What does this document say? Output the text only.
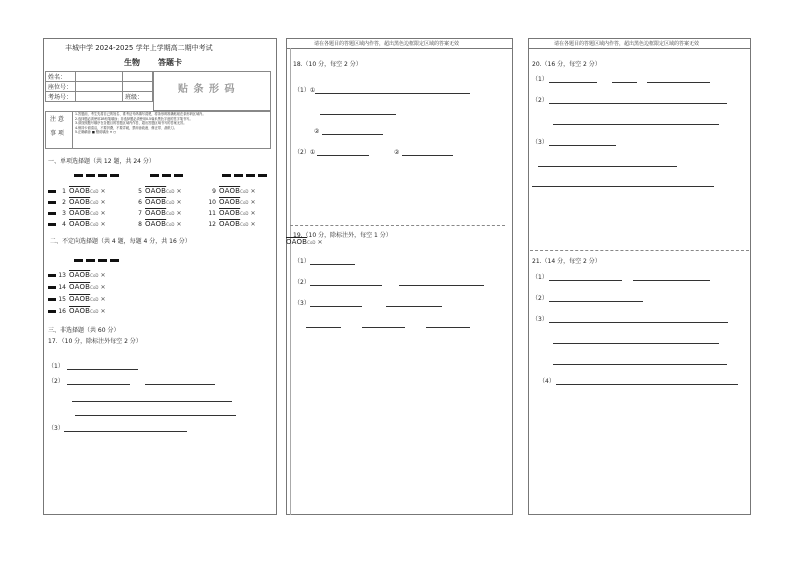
丰城中学 2024-2025 学年上学期高二期中考试
生物 答题卡
姓名：		
座位号：		
考场号：		班级：
贴 条 形 码
注 意
事 项
1.答题前，考生先将自己的姓名、准考证号码填写清楚，将条形码准确粘贴在条形码区域内。
2.选择题必须使用2B铅笔填涂；非选择题必须使用0.5毫米黑色字迹的签字笔书写。
3.请按照题号顺序在各题目的答题区域内作答，超出答题区域书写的答案无效。
4.保持卡面清洁，不要折叠，不要弄破，禁用涂改液、修正带、刮纸刀。
5.正确填涂 ■ 错误填涂 ✕ ○
一、单项选择题（共 12 题，共 24 分）
1 OAOBCoD ✕
2 OAOBCoD ✕
3 OAOBCoD ✕
4 OAOBCoD ✕
5 OAOBCoD ✕
6 OAOBCoD ✕
7 OAOBCoD ✕
8 OAOBCoD ✕
9 OAOBCoD ✕
10 OAOBCoD ✕
11 OAOBCoD ✕
12 OAOBCoD ✕
二、不定向选择题（共 4 题，每题 4 分，共 16 分）
13 OAOBCoD ✕
14 OAOBCoD ✕
15 OAOBCoD ✕
16 OAOBCoD ✕
三、非选择题（共 60 分）
17．（10 分，除标注外每空 2 分）
（1）
（2）
（3）
请在各题目的答题区域内作答，超出黑色边框限定区域的答案无效
18.（10 分，每空 2 分）
（1）①
②
（2）①	②
19.（10 分，除标注外，每空 1 分）
OAOBCoD ✕
（1）
（2）
（3）
请在各题目的答题区域内作答，超出黑色边框限定区域的答案无效
20.（16 分，每空 2 分）
（1）
（2）
（3）
21.（14 分，每空 2 分）
（1）
（2）
（3）
（4）
